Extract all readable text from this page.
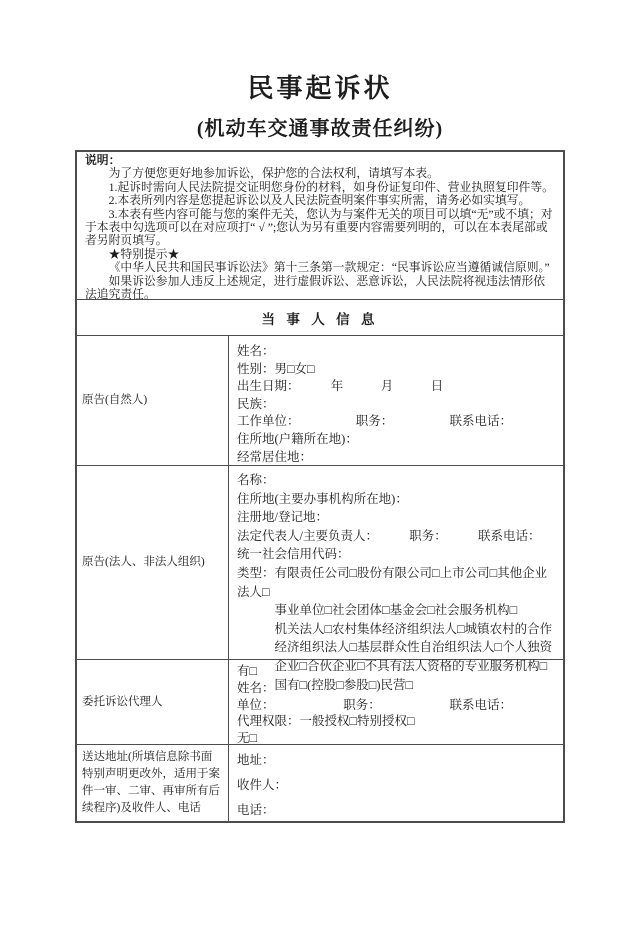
民事起诉状
(机动车交通事故责任纠纷)

说明：

为了方便您更好地参加诉讼，保护您的合法权利，请填写本表。

1.起诉时需向人民法院提交证明您身份的材料，如身份证复印件、营业执照复印件等。

2.本表所列内容是您提起诉讼以及人民法院查明案件事实所需，请务必如实填写。

3.本表有些内容可能与您的案件无关，您认为与案件无关的项目可以填“无”或不填；对于本表中勾选项可以在对应项打“ √ ”;您认为另有重要内容需要列明的，可以在本表尾部或者另附页填写。

★特别提示★

《中华人民共和国民事诉讼法》第十三条第一款规定：“民事诉讼应当遵循诚信原则。”

如果诉讼参加人违反上述规定，进行虚假诉讼、恶意诉讼，人民法院将视违法情形依法追究责任。

当 事 人 信 息
原告(自然人)
姓名：
性别：男□女□
出生日期：　　　年　　　月　　　日
民族：
工作单位：　　　　　职务：　　　　　联系电话：
住所地(户籍所在地)：
经常居住地：
原告(法人、非法人组织)
名称：
住所地(主要办事机构所在地)：
注册地/登记地：
法定代表人/主要负责人：　　　职务：　　　联系电话：
统一社会信用代码：
类型：有限责任公司□股份有限公司□上市公司□其他企业法人□
事业单位□社会团体□基金会□社会服务机构□
机关法人□农村集体经济组织法人□城镇农村的合作经济组织法人□基层群众性自治组织法人□个人独资企业□合伙企业□不具有法人资格的专业服务机构□ 国有□(控股□参股□)民营□
委托诉讼代理人
有□
姓名：
单位：　　　　　　职务：　　　　　　联系电话：
代理权限：一般授权□特别授权□
无□
送达地址(所填信息除书面特别声明更改外，适用于案件一审、二审、再审所有后续程序)及收件人、电话
地址：
收件人：
电话：
